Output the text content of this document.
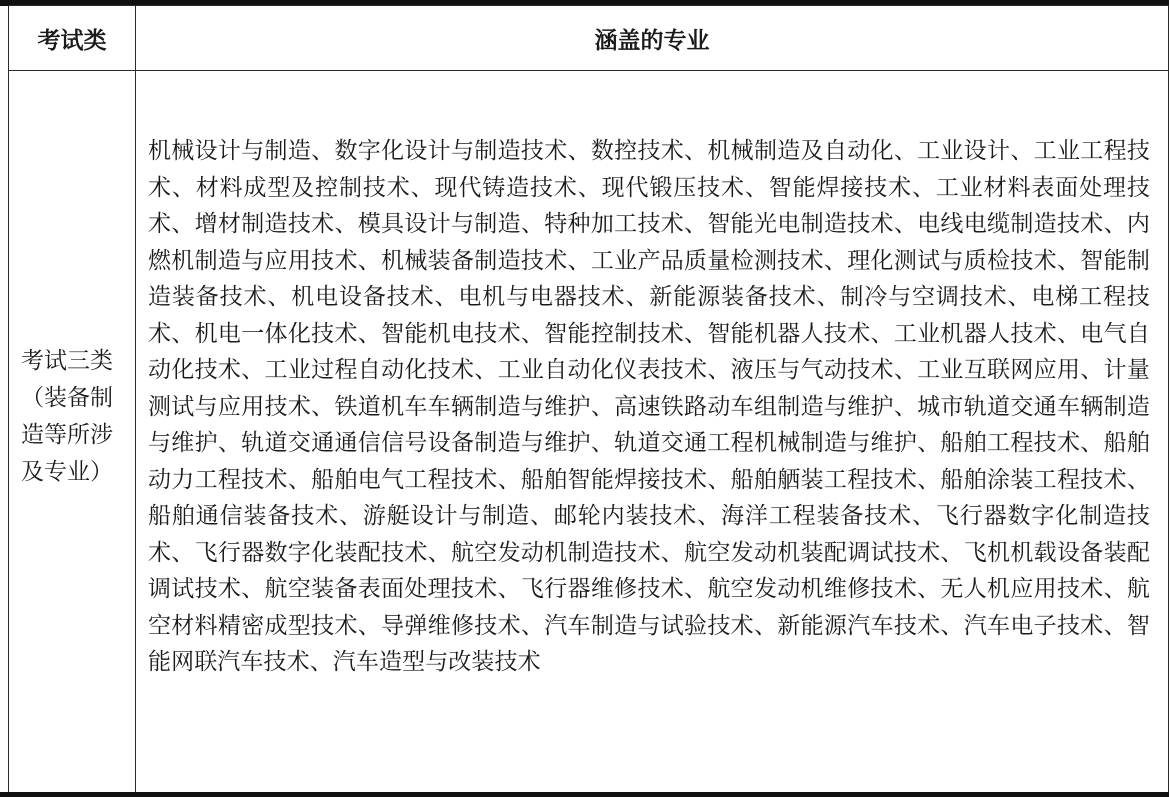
考试类	涵盖的专业

考试三类（装备制造等所涉及专业）	机械设计与制造、数字化设计与制造技术、数控技术、机械制造及自动化、工业设计、工业工程技术、材料成型及控制技术、现代铸造技术、现代锻压技术、智能焊接技术、工业材料表面处理技术、增材制造技术、模具设计与制造、特种加工技术、智能光电制造技术、电线电缆制造技术、内燃机制造与应用技术、机械装备制造技术、工业产品质量检测技术、理化测试与质检技术、智能制造装备技术、机电设备技术、电机与电器技术、新能源装备技术、制冷与空调技术、电梯工程技术、机电一体化技术、智能机电技术、智能控制技术、智能机器人技术、工业机器人技术、电气自动化技术、工业过程自动化技术、工业自动化仪表技术、液压与气动技术、工业互联网应用、计量测试与应用技术、铁道机车车辆制造与维护、高速铁路动车组制造与维护、城市轨道交通车辆制造与维护、轨道交通通信信号设备制造与维护、轨道交通工程机械制造与维护、船舶工程技术、船舶动力工程技术、船舶电气工程技术、船舶智能焊接技术、船舶舾装工程技术、船舶涂装工程技术、船舶通信装备技术、游艇设计与制造、邮轮内装技术、海洋工程装备技术、飞行器数字化制造技术、飞行器数字化装配技术、航空发动机制造技术、航空发动机装配调试技术、飞机机载设备装配调试技术、航空装备表面处理技术、飞行器维修技术、航空发动机维修技术、无人机应用技术、航空材料精密成型技术、导弹维修技术、汽车制造与试验技术、新能源汽车技术、汽车电子技术、智能网联汽车技术、汽车造型与改装技术
